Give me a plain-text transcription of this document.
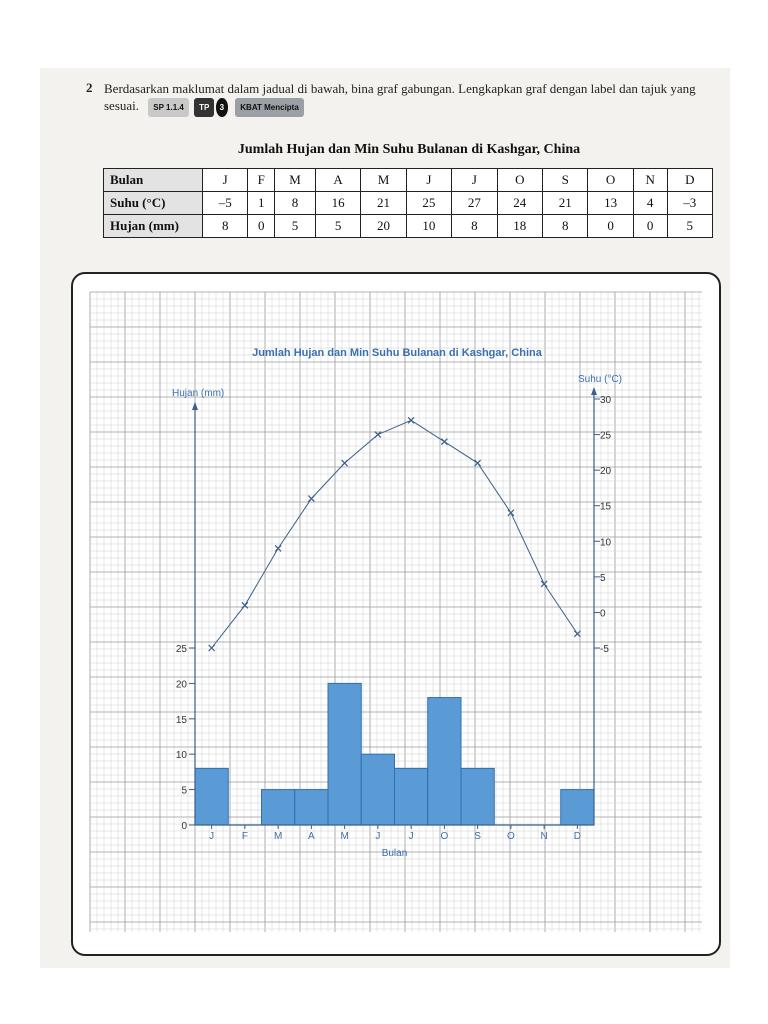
2 Berdasarkan maklumat dalam jadual di bawah, bina graf gabungan. Lengkapkan graf dengan label dan tajuk yang sesuai. SP 1.1.4 TP 3 KBAT Mencipta
Jumlah Hujan dan Min Suhu Bulanan di Kashgar, China
Bulan	J	F	M	A	M	J	J	O	S	O	N	D
Suhu (°C)	–5	1	8	16	21	25	27	24	21	13	4	–3
Hujan (mm)	8	0	5	5	20	10	8	18	8	0	0	5
0
5
10
15
20
25
Hujan (mm)
-5
0
5
10
15
20
25
30
Suhu (°C)
J	F	M	A	M	J	J	O	S	O	N	D
Bulan
Jumlah Hujan dan Min Suhu Bulanan di Kashgar, China
